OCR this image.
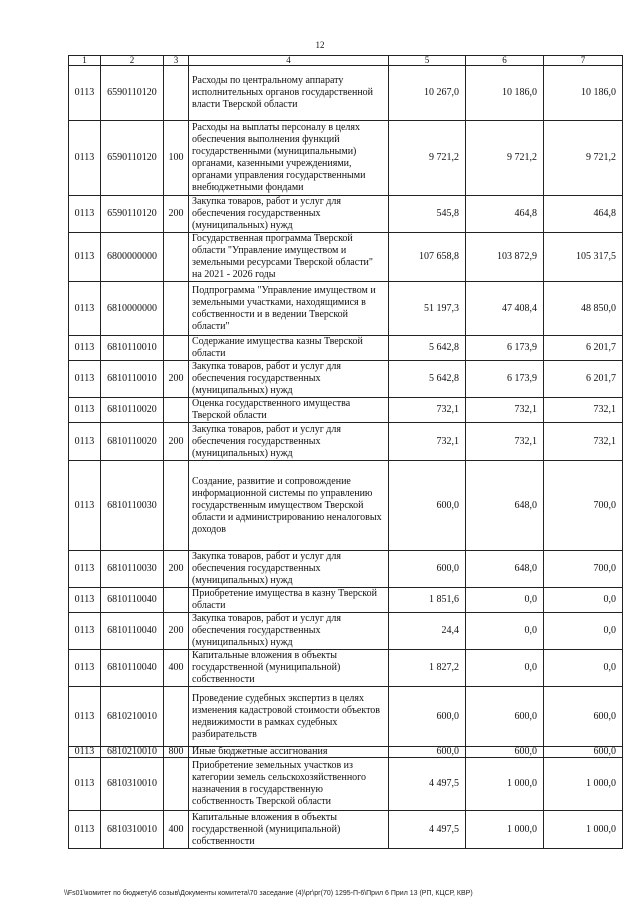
12
1	2	3	4	5	6	7
0113	6590110120		Расходы по центральному аппарату исполнительных органов государственной власти Тверской области	10 267,0	10 186,0	10 186,0
0113	6590110120	100	Расходы на выплаты персоналу в целях обеспечения выполнения функций государственными (муниципальными) органами, казенными учреждениями, органами управления государственными внебюджетными фондами	9 721,2	9 721,2	9 721,2
0113	6590110120	200	Закупка товаров, работ и услуг для обеспечения государственных (муниципальных) нужд	545,8	464,8	464,8
0113	6800000000		Государственная программа Тверской области "Управление имуществом и земельными ресурсами Тверской области" на 2021 - 2026 годы	107 658,8	103 872,9	105 317,5
0113	6810000000		Подпрограмма "Управление имуществом и земельными участками, находящимися в собственности и в ведении Тверской области"	51 197,3	47 408,4	48 850,0
0113	6810110010		Содержание имущества казны Тверской области	5 642,8	6 173,9	6 201,7
0113	6810110010	200	Закупка товаров, работ и услуг для обеспечения государственных (муниципальных) нужд	5 642,8	6 173,9	6 201,7
0113	6810110020		Оценка государственного имущества Тверской области	732,1	732,1	732,1
0113	6810110020	200	Закупка товаров, работ и услуг для обеспечения государственных (муниципальных) нужд	732,1	732,1	732,1
0113	6810110030		Создание, развитие и сопровождение информационной системы по управлению государственным имуществом Тверской области и администрированию неналоговых доходов	600,0	648,0	700,0
0113	6810110030	200	Закупка товаров, работ и услуг для обеспечения государственных (муниципальных) нужд	600,0	648,0	700,0
0113	6810110040		Приобретение имущества в казну Тверской области	1 851,6	0,0	0,0
0113	6810110040	200	Закупка товаров, работ и услуг для обеспечения государственных (муниципальных) нужд	24,4	0,0	0,0
0113	6810110040	400	Капитальные вложения в объекты государственной (муниципальной) собственности	1 827,2	0,0	0,0
0113	6810210010		Проведение судебных экспертиз в целях изменения кадастровой стоимости объектов недвижимости в рамках судебных разбирательств	600,0	600,0	600,0
0113	6810210010	800	Иные бюджетные ассигнования	600,0	600,0	600,0
0113	6810310010		Приобретение земельных участков из категории земель сельскохозяйственного назначения в государственную собственность Тверской области	4 497,5	1 000,0	1 000,0
0113	6810310010	400	Капитальные вложения в объекты государственной (муниципальной) собственности	4 497,5	1 000,0	1 000,0
\\Fs01\комитет по бюджету\6 созыв\Документы комитета\70 заседание (4)\рг\рг(70) 1295-П-6\Прил 6 Прил 13 (РП, КЦСР, КВР)
